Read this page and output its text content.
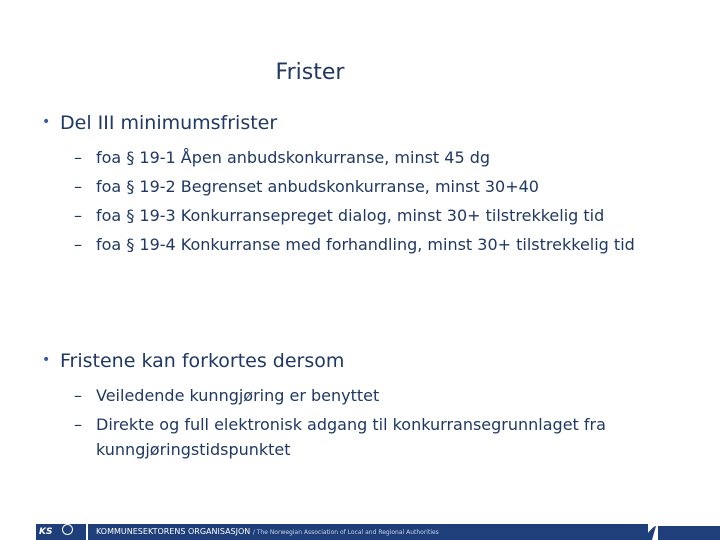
Frister
• Del III minimumsfrister
– foa § 19-1 Åpen anbudskonkurranse, minst 45 dg
– foa § 19-2 Begrenset anbudskonkurranse, minst 30+40
– foa § 19-3 Konkurransepreget dialog, minst 30+ tilstrekkelig tid
– foa § 19-4 Konkurranse med forhandling, minst 30+ tilstrekkelig tid
• Fristene kan forkortes dersom
– Veiledende kunngjøring er benyttet
– Direkte og full elektronisk adgang til konkurransegrunnlaget fra kunngjøringstidspunktet
KS	KOMMUNESEKTORENS ORGANISASJON / The Norwegian Association of Local and Regional Authorities
